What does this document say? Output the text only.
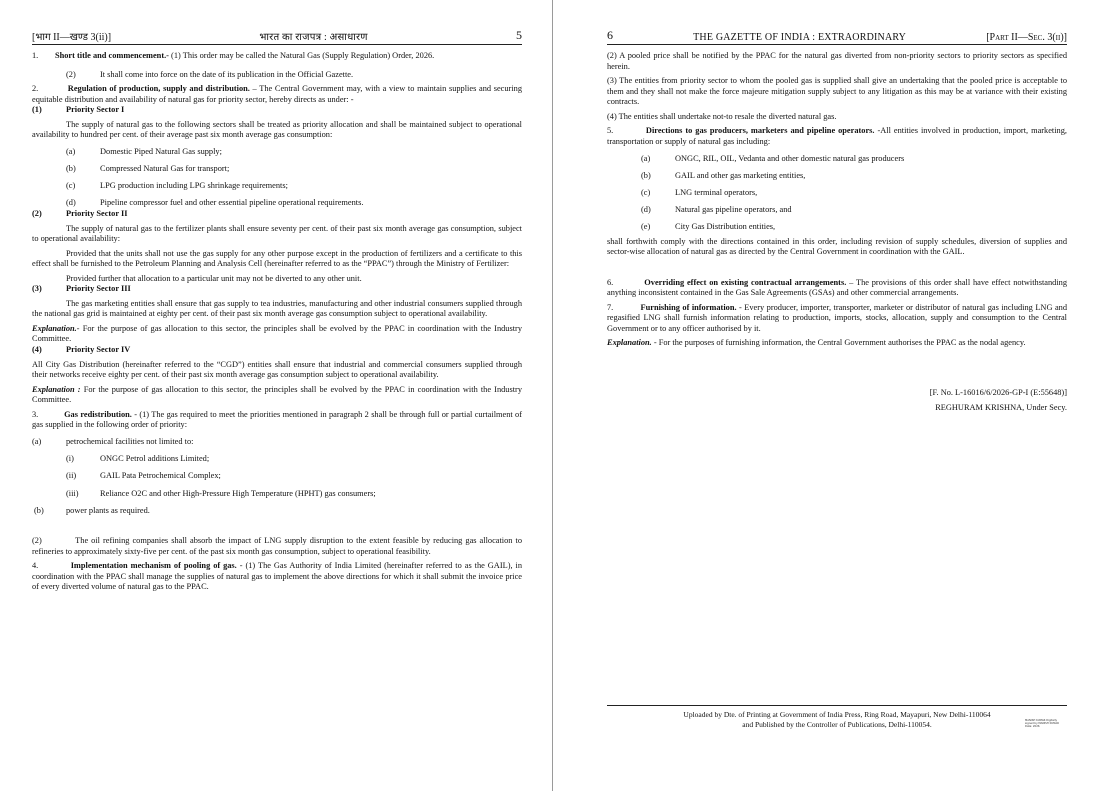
[भाग II—खण्ड 3(ii)]	भारत का राजपत्र : असाधारण	5

1. Short title and commencement.- (1) This order may be called the Natural Gas (Supply Regulation) Order, 2026.

(2)	It shall come into force on the date of its publication in the Official Gazette.

2.	Regulation of production, supply and distribution. – The Central Government may, with a view to maintain supplies and securing equitable distribution and availability of natural gas for priority sector, hereby directs as under: -

(1)	Priority Sector I

The supply of natural gas to the following sectors shall be treated as priority allocation and shall be maintained subject to operational availability to hundred per cent. of their average past six month average gas consumption:

(a)	Domestic Piped Natural Gas supply;
(b)	Compressed Natural Gas for transport;
(c)	LPG production including LPG shrinkage requirements;
(d)	Pipeline compressor fuel and other essential pipeline operational requirements.
(2)	Priority Sector II

The supply of natural gas to the fertilizer plants shall ensure seventy per cent. of their past six month average gas consumption, subject to operational availability:

Provided that the units shall not use the gas supply for any other purpose except in the production of fertilizers and a certificate to this effect shall be furnished to the Petroleum Planning and Analysis Cell (hereinafter referred to as the “PPAC”) through the Ministry of Fertilizer:

Provided further that allocation to a particular unit may not be diverted to any other unit.

(3)	Priority Sector III

The gas marketing entities shall ensure that gas supply to tea industries, manufacturing and other industrial consumers supplied through the national gas grid is maintained at eighty per cent. of their past six month average gas consumption subject to operational availability.

Explanation.- For the purpose of gas allocation to this sector, the principles shall be evolved by the PPAC in coordination with the Industry Committee.

(4)	Priority Sector IV

All City Gas Distribution (hereinafter referred to the “CGD”) entities shall ensure that industrial and commercial consumers supplied through their networks receive eighty per cent. of their past six month average gas consumption subject to operational availability.

Explanation : For the purpose of gas allocation to this sector, the principles shall be evolved by the PPAC in coordination with the Industry Committee.

3.	Gas redistribution. - (1) The gas required to meet the priorities mentioned in paragraph 2 shall be through full or partial curtailment of gas supplied in the following order of priority:

(a)	petrochemical facilities not limited to:
(i)	ONGC Petrol additions Limited;
(ii)	GAIL Pata Petrochemical Complex;
(iii)	Reliance O2C and other High-Pressure High Temperature (HPHT) gas consumers;
(b)	power plants as required.

(2)	The oil refining companies shall absorb the impact of LNG supply disruption to the extent feasible by reducing gas allocation to refineries to approximately sixty-five per cent. of the past six month gas consumption, subject to operational feasibility.

4.	Implementation mechanism of pooling of gas. - (1) The Gas Authority of India Limited (hereinafter referred to as the GAIL), in coordination with the PPAC shall manage the supplies of natural gas to implement the above directions for which it shall submit the invoice price of every diverted volume of natural gas to the PPAC.

6	THE GAZETTE OF INDIA : EXTRAORDINARY	[Part II—Sec. 3(ii)]

(2) A pooled price shall be notified by the PPAC for the natural gas diverted from non-priority sectors to priority sectors as specified herein.

(3) The entities from priority sector to whom the pooled gas is supplied shall give an undertaking that the pooled price is acceptable to them and they shall not make the force majeure mitigation supply subject to any litigation as this may be at variance with their existing contracts.

(4) The entities shall undertake not-to resale the diverted natural gas.

5.	Directions to gas producers, marketers and pipeline operators. -All entities involved in production, import, marketing, transportation or supply of natural gas including:

(a)	ONGC, RIL, OIL, Vedanta and other domestic natural gas producers
(b)	GAIL and other gas marketing entities,
(c)	LNG terminal operators,
(d)	Natural gas pipeline operators, and
(e)	City Gas Distribution entities,

shall forthwith comply with the directions contained in this order, including revision of supply schedules, diversion of supplies and sector-wise allocation of natural gas as directed by the Central Government in coordination with the GAIL.

6.	Overriding effect on existing contractual arrangements. – The provisions of this order shall have effect notwithstanding anything inconsistent contained in the Gas Sale Agreements (GSAs) and other commercial arrangements.

7.	Furnishing of information. - Every producer, importer, transporter, marketer or distributor of natural gas including LNG and regasified LNG shall furnish information relating to production, imports, stocks, allocation, supply and consumption to the Central Government or to any officer authorised by it.

Explanation. - For the purposes of furnishing information, the Central Government authorises the PPAC as the nodal agency.

[F. No. L-16016/6/2026-GP-I (E:55648)]

REGHURAM KRISHNA, Under Secy.

Uploaded by Dte. of Printing at Government of India Press, Ring Road, Mayapuri, New Delhi-110064
and Published by the Controller of Publications, Delhi-110054.	MANISH KUMAR Digitally signed by MANISH KUMAR Date: 2026
